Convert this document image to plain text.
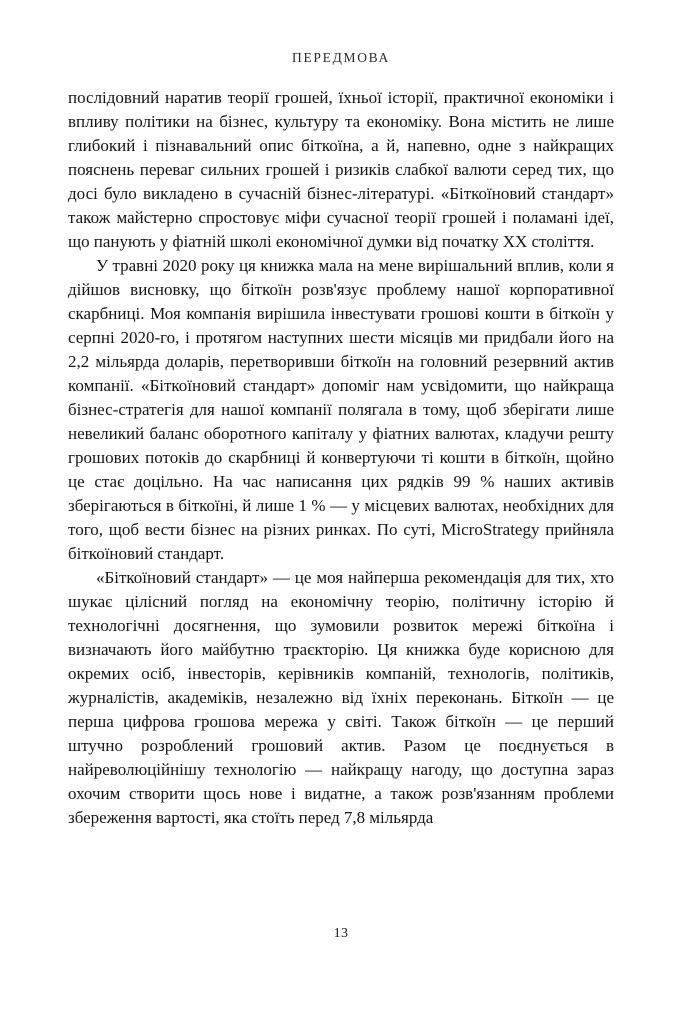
ПЕРЕДМОВА

послідовний наратив теорії грошей, їхньої історії, практичної економіки і впливу політики на бізнес, культуру та економіку. Вона містить не лише глибокий і пізнавальний опис біткоїна, а й, напевно, одне з найкращих пояснень переваг сильних грошей і ризиків слабкої валюти серед тих, що досі було викладено в сучасній бізнес-літературі. «Біткоїновий стандарт» також майстерно спростовує міфи сучасної теорії грошей і поламані ідеї, що панують у фіатній школі економічної думки від початку XX століття.

У травні 2020 року ця книжка мала на мене вирішальний вплив, коли я дійшов висновку, що біткоїн розв'язує проблему нашої корпоративної скарбниці. Моя компанія вирішила інвестувати грошові кошти в біткоїн у серпні 2020-го, і протягом наступних шести місяців ми придбали його на 2,2 мільярда доларів, перетворивши біткоїн на головний резервний актив компанії. «Біткоїновий стандарт» допоміг нам усвідомити, що найкраща бізнес-стратегія для нашої компанії полягала в тому, щоб зберігати лише невеликий баланс оборотного капіталу у фіатних валютах, кладучи решту грошових потоків до скарбниці й конвертуючи ті кошти в біткоїн, щойно це стає доцільно. На час написання цих рядків 99 % наших активів зберігаються в біткоїні, й лише 1 % — у місцевих валютах, необхідних для того, щоб вести бізнес на різних ринках. По суті, MicroStrategy прийняла біткоїновий стандарт.

«Біткоїновий стандарт» — це моя найперша рекомендація для тих, хто шукає цілісний погляд на економічну теорію, політичну історію й технологічні досягнення, що зумовили розвиток мережі біткоїна і визначають його майбутню траєкторію. Ця книжка буде корисною для окремих осіб, інвесторів, керівників компаній, технологів, політиків, журналістів, академіків, незалежно від їхніх переконань. Біткоїн — це перша цифрова грошова мережа у світі. Також біткоїн — це перший штучно розроблений грошовий актив. Разом це поєднується в найреволюційнішу технологію — найкращу нагоду, що доступна зараз охочим створити щось нове і видатне, а також розв'язанням проблеми збереження вартості, яка стоїть перед 7,8 мільярда

13
